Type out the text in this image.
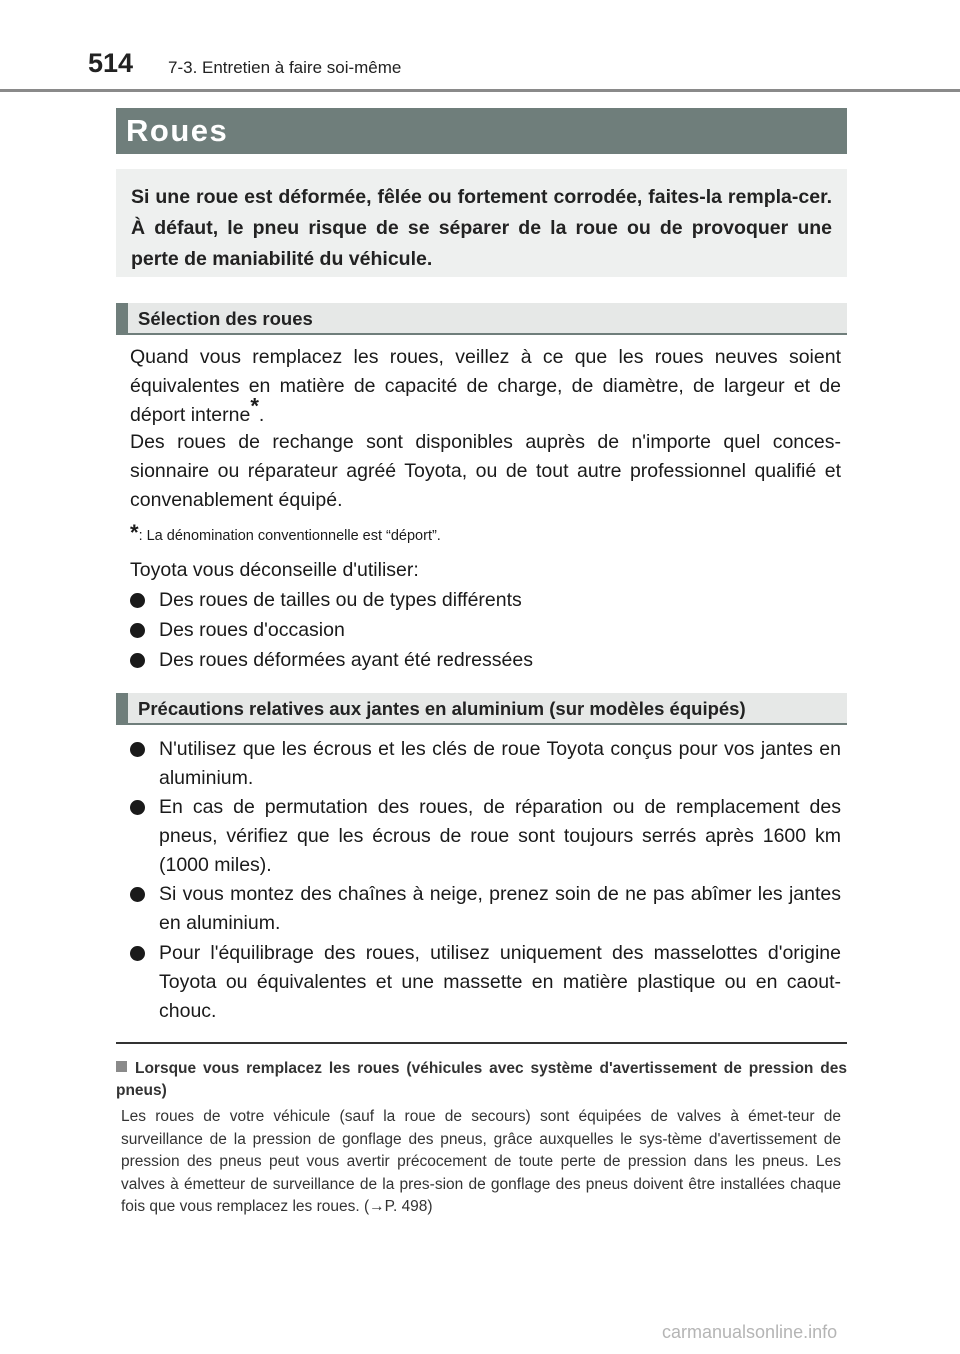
514 7-3. Entretien à faire soi-même
Roues
Si une roue est déformée, fêlée ou fortement corrodée, faites-la rempla-cer. À défaut, le pneu risque de se séparer de la roue ou de provoquer une perte de maniabilité du véhicule.
Sélection des roues

Quand vous remplacez les roues, veillez à ce que les roues neuves soient équivalentes en matière de capacité de charge, de diamètre, de largeur et de déport interne*.

Des roues de rechange sont disponibles auprès de n'importe quel conces-sionnaire ou réparateur agréé Toyota, ou de tout autre professionnel qualifié et convenablement équipé.

*: La dénomination conventionnelle est “déport”.

Toyota vous déconseille d'utiliser:

Des roues de tailles ou de types différents
Des roues d'occasion
Des roues déformées ayant été redressées
Précautions relatives aux jantes en aluminium (sur modèles équipés)
N'utilisez que les écrous et les clés de roue Toyota conçus pour vos jantes en aluminium.
En cas de permutation des roues, de réparation ou de remplacement des pneus, vérifiez que les écrous de roue sont toujours serrés après 1600 km (1000 miles).
Si vous montez des chaînes à neige, prenez soin de ne pas abîmer les jantes en aluminium.
Pour l'équilibrage des roues, utilisez uniquement des masselottes d'origine Toyota ou équivalentes et une massette en matière plastique ou en caout-chouc.
Lorsque vous remplacez les roues (véhicules avec système d'avertissement de pression des pneus)
Les roues de votre véhicule (sauf la roue de secours) sont équipées de valves à émet-teur de surveillance de la pression de gonflage des pneus, grâce auxquelles le sys-tème d'avertissement de pression des pneus peut vous avertir précocement de toute perte de pression dans les pneus. Les valves à émetteur de surveillance de la pres-sion de gonflage des pneus doivent être installées chaque fois que vous remplacez les roues. (→P. 498)
carmanualsonline.info
